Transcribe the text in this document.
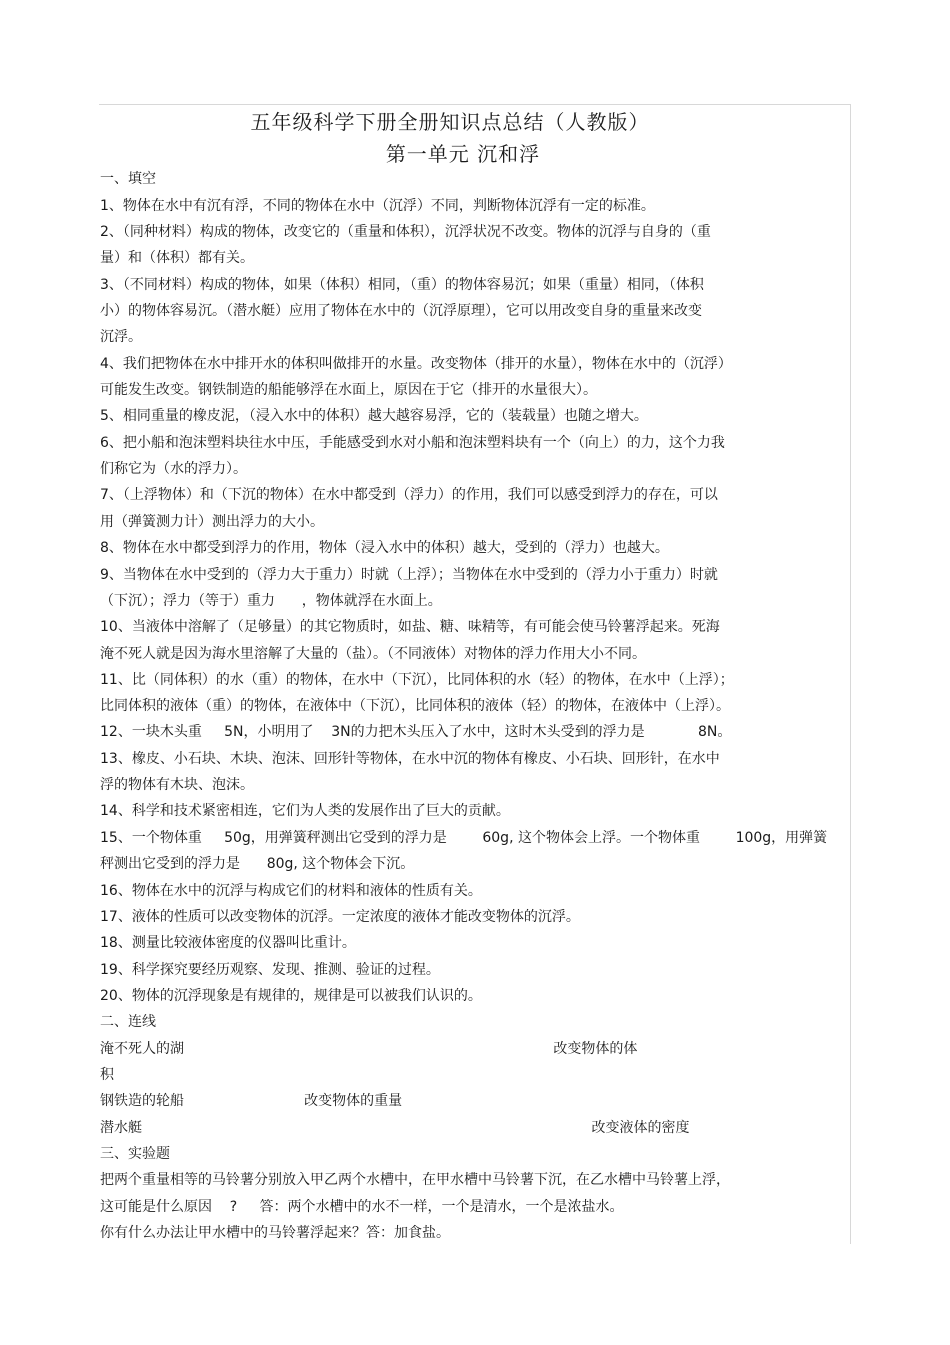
五年级科学下册全册知识点总结（人教版）
第一单元 沉和浮
一、填空
1、物体在水中有沉有浮，不同的物体在水中（沉浮）不同，判断物体沉浮有一定的标准。
2、（同种材料）构成的物体，改变它的（重量和体积），沉浮状况不改变。物体的沉浮与自身的（重
量）和（体积）都有关。
3、（不同材料）构成的物体，如果（体积）相同，（重）的物体容易沉；如果（重量）相同，（体积
小）的物体容易沉。（潜水艇）应用了物体在水中的（沉浮原理），它可以用改变自身的重量来改变
沉浮。
4、我们把物体在水中排开水的体积叫做排开的水量。改变物体（排开的水量），物体在水中的（沉浮）
可能发生改变。钢铁制造的船能够浮在水面上，原因在于它（排开的水量很大）。
5、相同重量的橡皮泥，（浸入水中的体积）越大越容易浮，它的（装载量）也随之增大。
6、把小船和泡沫塑料块往水中压，手能感受到水对小船和泡沫塑料块有一个（向上）的力，这个力我
们称它为（水的浮力）。
7、（上浮物体）和（下沉的物体）在水中都受到（浮力）的作用，我们可以感受到浮力的存在，可以
用（弹簧测力计）测出浮力的大小。
8、物体在水中都受到浮力的作用，物体（浸入水中的体积）越大，受到的（浮力）也越大。
9、当物体在水中受到的（浮力大于重力）时就（上浮）；当物体在水中受到的（浮力小于重力）时就
（下沉）；浮力（等于）重力      ，物体就浮在水面上。
10、当液体中溶解了（足够量）的其它物质时，如盐、糖、味精等，有可能会使马铃薯浮起来。死海
淹不死人就是因为海水里溶解了大量的（盐）。（不同液体）对物体的浮力作用大小不同。
11、比（同体积）的水（重）的物体，在水中（下沉），比同体积的水（轻）的物体，在水中（上浮）；
比同体积的液体（重）的物体，在液体中（下沉），比同体积的液体（轻）的物体，在液体中（上浮）。
12、一块木头重     5N，小明用了    3N的力把木头压入了水中，这时木头受到的浮力是            8N。
13、橡皮、小石块、木块、泡沫、回形针等物体，在水中沉的物体有橡皮、小石块、回形针，在水中
浮的物体有木块、泡沫。
14、科学和技术紧密相连，它们为人类的发展作出了巨大的贡献。
15、一个物体重     50g，用弹簧秤测出它受到的浮力是        60g, 这个物体会上浮。一个物体重        100g，用弹簧
秤测出它受到的浮力是      80g, 这个物体会下沉。
16、物体在水中的沉浮与构成它们的材料和液体的性质有关。
17、液体的性质可以改变物体的沉浮。一定浓度的液体才能改变物体的沉浮。
18、测量比较液体密度的仪器叫比重计。
19、科学探究要经历观察、发现、推测、验证的过程。
20、物体的沉浮现象是有规律的，规律是可以被我们认识的。
二、连线
淹不死人的湖                                                                                   改变物体的体
积
钢铁造的轮船                           改变物体的重量
潜水艇                                                                                                     改变液体的密度
三、实验题
把两个重量相等的马铃薯分别放入甲乙两个水槽中，在甲水槽中马铃薯下沉，在乙水槽中马铃薯上浮，
这可能是什么原因    ?     答：两个水槽中的水不一样，一个是清水，一个是浓盐水。
你有什么办法让甲水槽中的马铃薯浮起来？答：加食盐。
